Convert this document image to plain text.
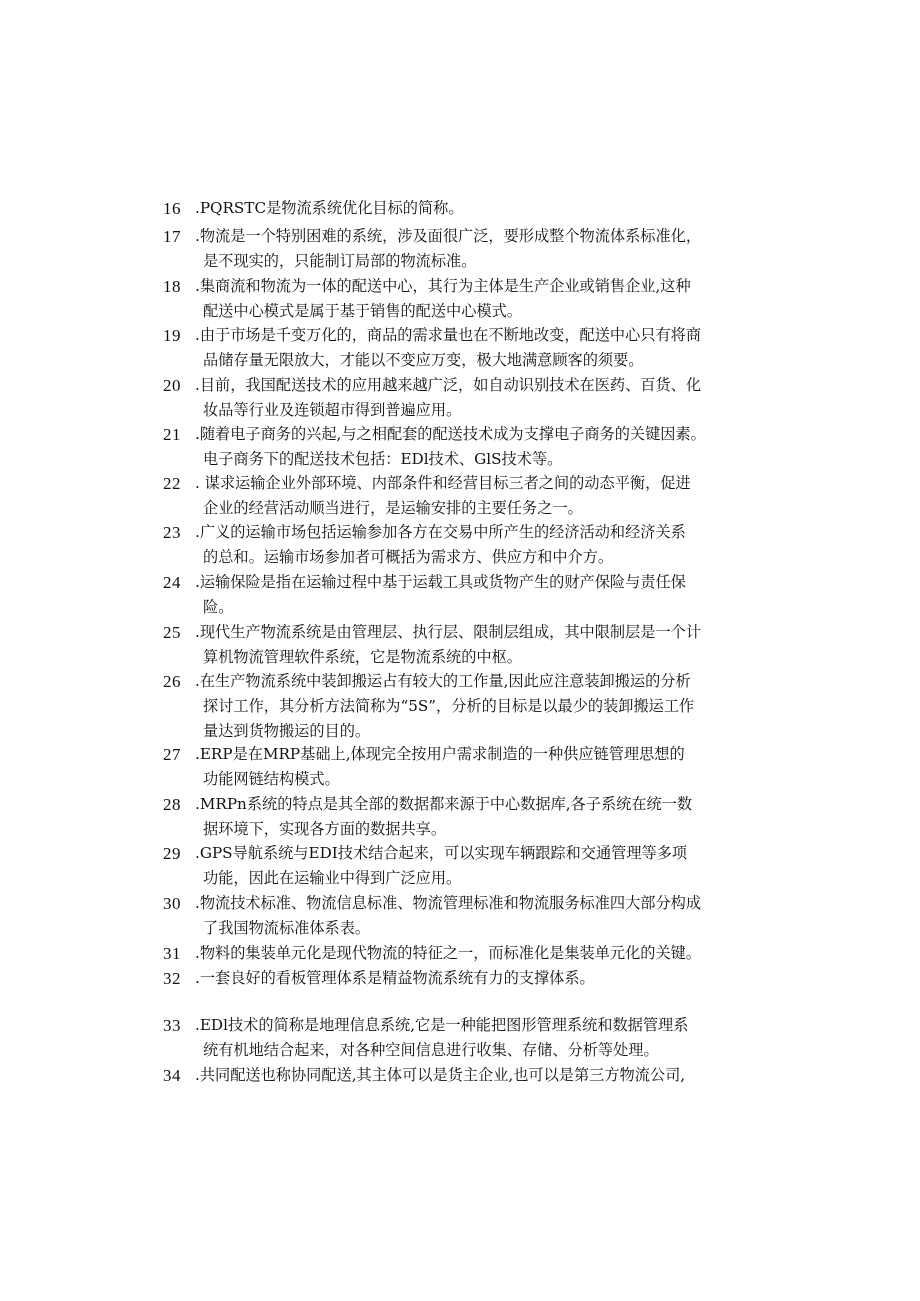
16 .PQRSTC是物流系统优化目标的简称。
17 .物流是一个特别困难的系统，涉及面很广泛，要形成整个物流体系标准化，
是不现实的，只能制订局部的物流标准。
18 .集商流和物流为一体的配送中心，其行为主体是生产企业或销售企业,这种
配送中心模式是属于基于销售的配送中心模式。
19 .由于市场是千变万化的，商品的需求量也在不断地改变，配送中心只有将商
品储存量无限放大，才能以不变应万变，极大地满意顾客的须要。
20 .目前，我国配送技术的应用越来越广泛，如自动识别技术在医药、百货、化
妆品等行业及连锁超市得到普遍应用。
21 .随着电子商务的兴起,与之相配套的配送技术成为支撑电子商务的关键因素。
电子商务下的配送技术包括：EDl技术、GlS技术等。
22 . 谋求运输企业外部环境、内部条件和经营目标三者之间的动态平衡，促进
企业的经营活动顺当进行，是运输安排的主要任务之一。
23 .广义的运输市场包括运输参加各方在交易中所产生的经济活动和经济关系
的总和。运输市场参加者可概括为需求方、供应方和中介方。
24 .运输保险是指在运输过程中基于运载工具或货物产生的财产保险与责任保
险。
25 .现代生产物流系统是由管理层、执行层、限制层组成，其中限制层是一个计
算机物流管理软件系统，它是物流系统的中枢。
26 .在生产物流系统中装卸搬运占有较大的工作量,因此应注意装卸搬运的分析
探讨工作，其分析方法简称为“5S”，分析的目标是以最少的装卸搬运工作
量达到货物搬运的目的。
27 .ERP是在MRP基础上,体现完全按用户需求制造的一种供应链管理思想的
功能网链结构模式。
28 .MRPn系统的特点是其全部的数据都来源于中心数据库,各子系统在统一数
据环境下，实现各方面的数据共享。
29 .GPS导航系统与EDI技术结合起来，可以实现车辆跟踪和交通管理等多项
功能，因此在运输业中得到广泛应用。
30 .物流技术标准、物流信息标准、物流管理标准和物流服务标准四大部分构成
了我国物流标准体系表。
31 .物料的集装单元化是现代物流的特征之一，而标准化是集装单元化的关键。
32 .一套良好的看板管理体系是精益物流系统有力的支撑体系。
33 .EDl技术的简称是地理信息系统,它是一种能把图形管理系统和数据管理系
统有机地结合起来，对各种空间信息进行收集、存储、分析等处理。
34 .共同配送也称协同配送,其主体可以是货主企业,也可以是第三方物流公司,
